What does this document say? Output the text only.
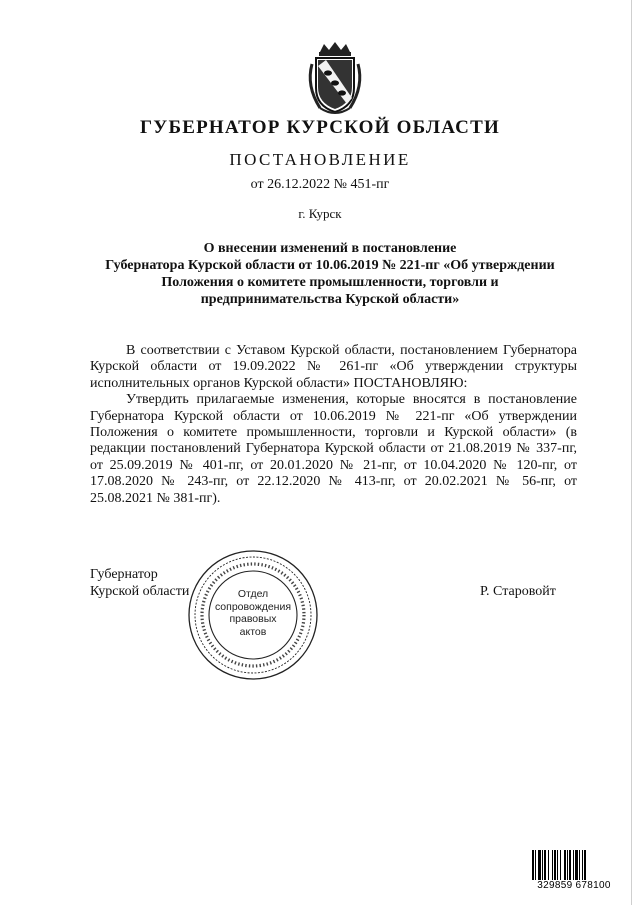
ГУБЕРНАТОР КУРСКОЙ ОБЛАСТИ
ПОСТАНОВЛЕНИЕ
от 26.12.2022 № 451-пг
г. Курск
О внесении изменений в постановление
Губернатора Курской области от 10.06.2019 № 221-пг «Об утверждении
Положения о комитете промышленности, торговли и
предпринимательства Курской области»

В соответствии с Уставом Курской области, постановлением Губернатора Курской области от 19.09.2022 № 261-пг «Об утверждении структуры исполнительных органов Курской области» ПОСТАНОВЛЯЮ:

Утвердить прилагаемые изменения, которые вносятся в постановление Губернатора Курской области от 10.06.2019 № 221-пг «Об утверждении Положения о комитете промышленности, торговли и Курской области» (в редакции постановлений Губернатора Курской области от 21.08.2019 № 337-пг, от 25.09.2019 № 401-пг, от 20.01.2020 № 21-пг, от 10.04.2020 № 120-пг, от 17.08.2020 № 243-пг, от 22.12.2020 № 413-пг, от 20.02.2021 № 56-пг, от 25.08.2021 № 381-пг).

Губернатор
Курской области	Р. Старовойт
Отдел
сопровождения
правовых
актов
329859 678100
